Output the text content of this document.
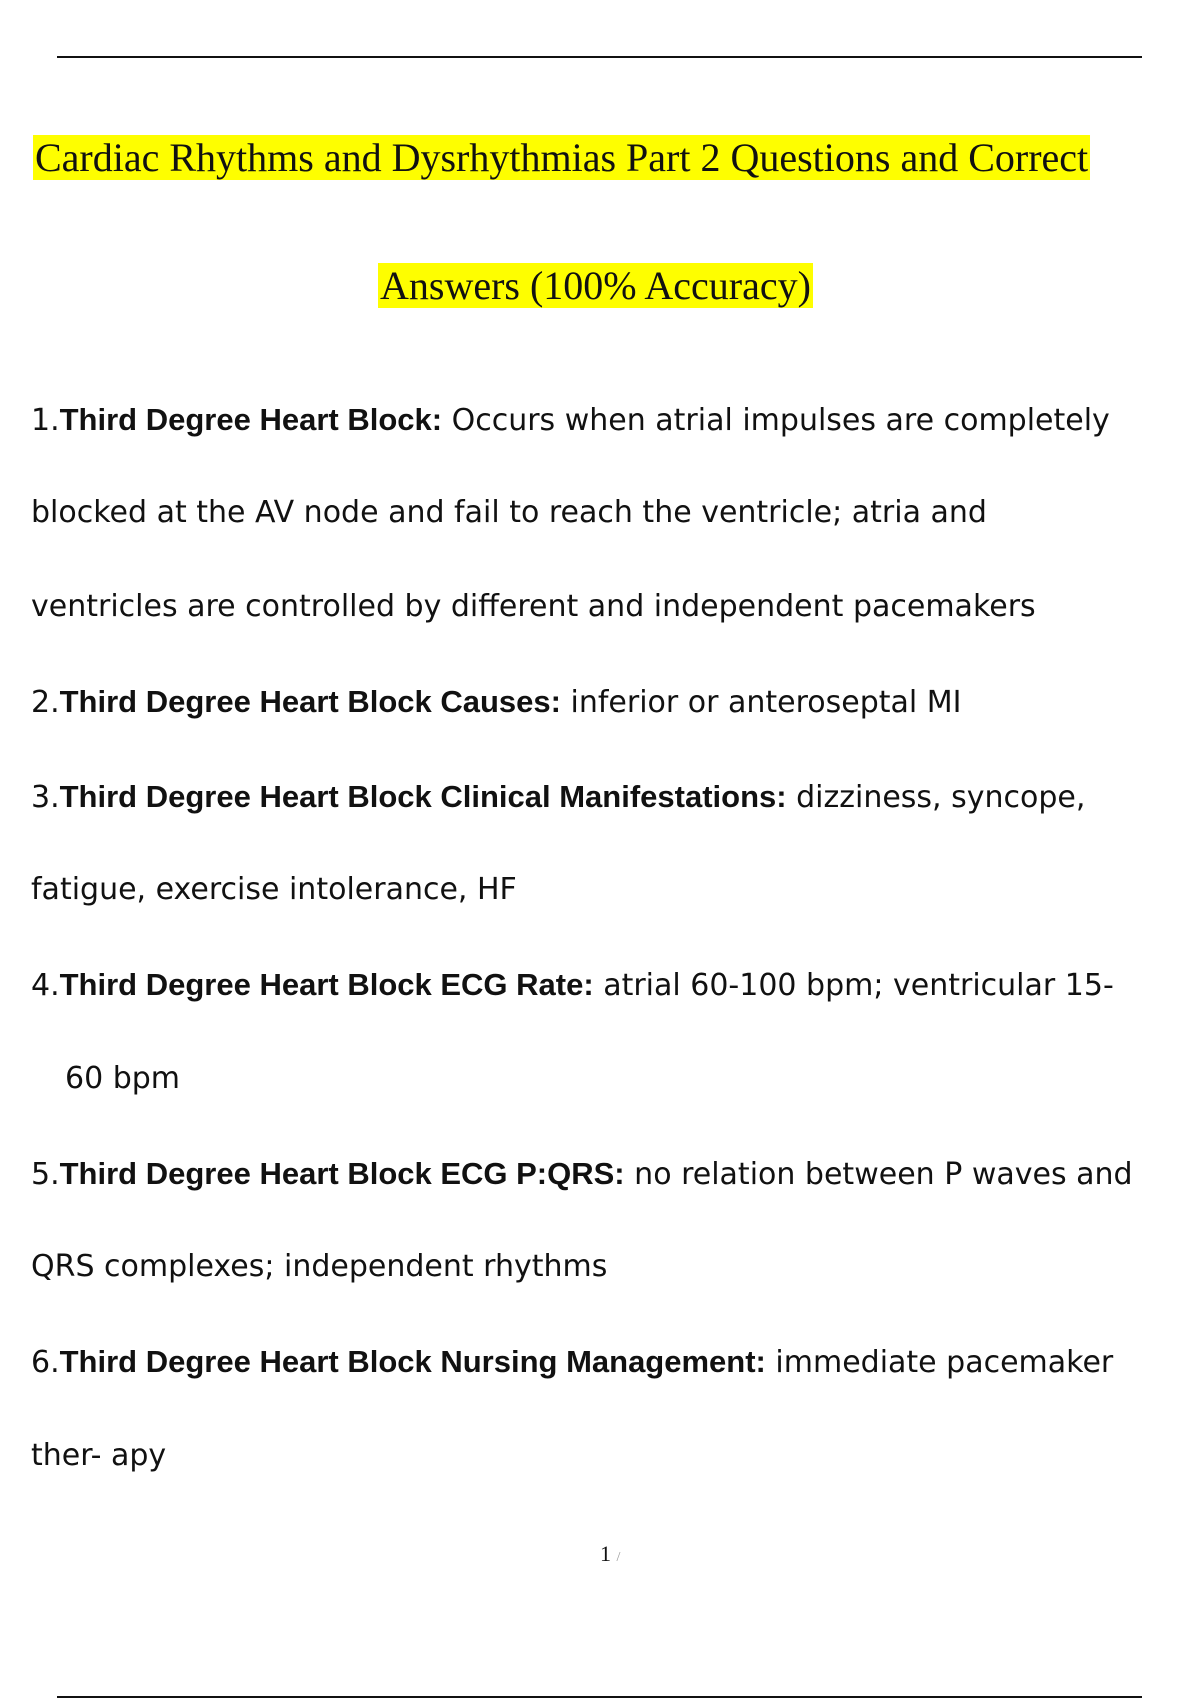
Cardiac Rhythms and Dysrhythmias Part 2 Questions and Correct
Answers (100% Accuracy)
1.Third Degree Heart Block: Occurs when atrial impulses are completely
blocked at the AV node and fail to reach the ventricle; atria and
ventricles are controlled by different and independent pacemakers
2.Third Degree Heart Block Causes: inferior or anteroseptal MI
3.Third Degree Heart Block Clinical Manifestations: dizziness, syncope,
fatigue, exercise intolerance, HF
4.Third Degree Heart Block ECG Rate: atrial 60-100 bpm; ventricular 15-
60 bpm
5.Third Degree Heart Block ECG P:QRS: no relation between P waves and
QRS complexes; independent rhythms
6.Third Degree Heart Block Nursing Management: immediate pacemaker
ther- apy
1 /
